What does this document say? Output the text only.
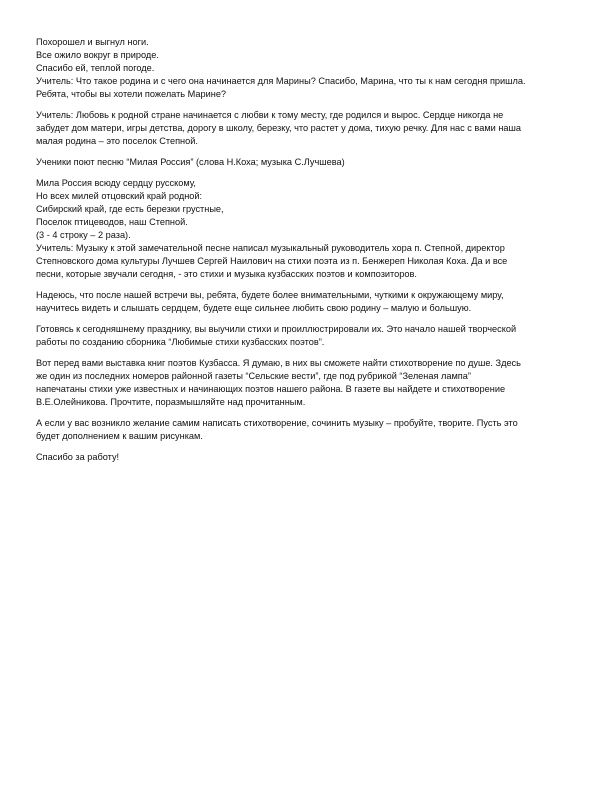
Похорошел и выгнул ноги.
Все ожило вокруг в природе.
Спасибо ей, теплой погоде.
Учитель: Что такое родина и с чего она начинается для Марины? Спасибо, Марина, что ты к нам сегодня пришла.
Ребята, чтобы вы хотели пожелать Марине?
Учитель: Любовь к родной стране начинается с любви к тому месту, где родился и вырос. Сердце никогда не
забудет дом матери, игры детства, дорогу в школу, березку, что растет у дома, тихую речку. Для нас с вами наша
малая родина – это поселок Степной.
Ученики поют песню “Милая Россия” (слова Н.Коха; музыка С.Лучшева)
Мила Россия всюду сердцу русскому,
Но всех милей отцовский край родной:
Сибирский край, где есть березки грустные,
Поселок птицеводов, наш Степной.
(3 - 4 строку – 2 раза).
Учитель: Музыку к этой замечательной песне написал музыкальный руководитель хора п. Степной, директор
Степновского дома культуры Лучшев Сергей Наилович на стихи поэта из п. Бенжереп Николая Коха. Да и все
песни, которые звучали сегодня, - это стихи и музыка кузбасских поэтов и композиторов.
Надеюсь, что после нашей встречи вы, ребята, будете более внимательными, чуткими к окружающему миру,
научитесь видеть и слышать сердцем, будете еще сильнее любить свою родину – малую и большую.
Готовясь к сегодняшнему празднику, вы выучили стихи и проиллюстрировали их. Это начало нашей творческой
работы по созданию сборника “Любимые стихи кузбасских поэтов”.
Вот перед вами выставка книг поэтов Кузбасса. Я думаю, в них вы сможете найти стихотворение по душе. Здесь
же один из последних номеров районной газеты “Сельские вести”, где под рубрикой “Зеленая лампа”
напечатаны стихи уже известных и начинающих поэтов нашего района. В газете вы найдете и стихотворение
В.Е.Олейникова. Прочтите, поразмышляйте над прочитанным.
А если у вас возникло желание самим написать стихотворение, сочинить музыку – пробуйте, творите. Пусть это
будет дополнением к вашим рисункам.
Спасибо за работу!
